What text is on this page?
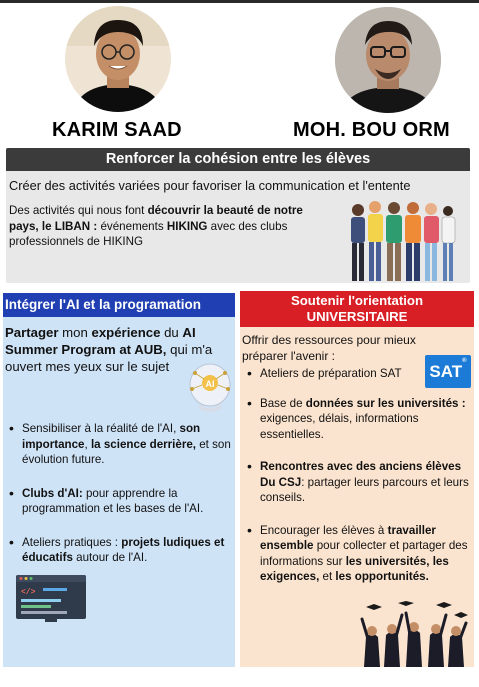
KARIM SAAD	MOH. BOU ORM
Renforcer la cohésion entre les élèves
Créer des activités variées pour favoriser la communication et l'entente
Des activités qui nous font découvrir la beauté de notre pays, le LIBAN : événements HIKING avec des clubs professionnels de HIKING
Intégrer l'AI et la programation	Soutenir l'orientation UNIVERSITAIRE
Partager mon expérience du AI Summer Program at AUB, qui m'a ouvert mes yeux sur le sujet
AI
• Sensibiliser à la réalité de l'AI, son importance, la science derrière, et son évolution future.
• Clubs d'AI: pour apprendre la programmation et les bases de l'AI.
• Ateliers pratiques : projets ludiques et éducatifs autour de l'AI.
</>
Offrir des ressources pour mieux préparer l'avenir :
SAT®
• Ateliers de préparation SAT
• Base de données sur les universités : exigences, délais, informations essentielles.
• Rencontres avec des anciens élèves Du CSJ: partager leurs parcours et leurs conseils.
• Encourager les élèves à travailler ensemble pour collecter et partager des informations sur les universités, les exigences, et les opportunités.
